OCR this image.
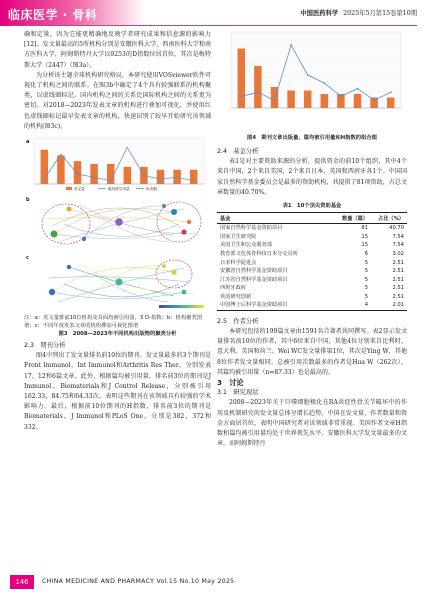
临床医学 · 骨科	中国医药科学 2025年5月第15卷第10期

确和定量，因为它能更精确地反映学者研究成果和信息源的影响力[12]。发文量最高的5所机构分别是安徽医科大学、西南医科大学和南方医科大学，阿姆斯特丹大学以9253的D指数位居首位，其次是梅特斯大学（2447）（图3a）。

为分析该主题全球机构研究格局，本研究使用VOSviewer软件可视化了机构之间的联系。在图3b中确定了4个具有较强联系的机构聚类，以虚线圈标记。国内机构之间的关系比国际机构之间的关系更为密切。对2018—2023年发表文章的机构进行叠加可视化，并使用红色虚线圈标记最早发表文章的机构，快速识别了较早开始研究该领域的机构(图3c)。

a
发文量	篇均被引用量	D-指数
b
c
注：a：发文量排前10位机构及其面均被引用量，3 D-指数；b：机构聚类图谱；c：不同年度发表文章的机构叠加可视化图谱
图3　2008—2023年不同机构出版物的聚类分析
2.3　期刊分析

图4中列出了发文量排名前10位的期刊。发文量最多的3个期刊是Front Immunol、Int Immunol和Arthritis Res Ther，分别发表17、12和6篇文章。此外，根据篇均被引用量，排名前3位的期刊是J Immunol、Biomaterials和J Control Release，分别被引用162.33、84.75和64.33次。表明这些期刊在该领域具有较强的学术影响力。最后，根据前10位期刊的H指数，排名前3位的期刊是Biomaterials、J Immunol和PLoS One，分别是382、372和332。

图4　期刊文章出版量、篇均被引用量和H指数的组合图
2.4　基金分析

表1是对主要资助来源的分析，提供资金的前10个组织，其中4个来自中国，2个来自美国，2个来自日本，英国和西班牙各1个。中国国家自然科学基金委员会是最多的资助机构，共提供了81项资助，占总文章数量的40.70%。

表1　10个顶尖资助基金
基金	数量（篇）	占比（%）
国家自然科学基金资助项目	81	40.70
国家卫生研究院	15	7.54
美国卫生和公众服务部	15	7.54
教育部文化体育科技日本分交员所	6	3.02
日本科学促进会	5	2.51
安徽省自然科学基金资助项目	5	2.51
江苏省自然科学基金资助项目	5	2.51
西班牙政府	5	2.51
英国研究创新	5	2.51
中国博士后科学基金资助项目	4	2.01
2.5　作者分析

本研究包括的199篇文章由1591名合著者共同撰写。表2显示发文量排名前10位的作者，其中6位来自中国，其他4位分别来自比利时、意大利、美国和荷兰。Wei WC发文量排第1位，其次是Ying W，其他8位作者发文量相同。总被引用次数最多的作者是Hua W（262次），其篇均被引用量（n=87.33）也是最高的。

3　讨论
3.1　研究现状

2008—2023年关于巨噬细胞极化在RA炎症性骨关节破坏中的作用及机制研究的发文量总体呈增长趋势。中国在发文量、作者数量和资金方面居首位，表明中国研究者对该领域非常重视。美国作者文章H指数和篇均被引用量均处于世界领先水平。安徽医科大学发文量最多的文章，而阿姆斯特丹

146	CHINA MEDICINE AND PHARMACY Vol.15 No.10 May 2025
